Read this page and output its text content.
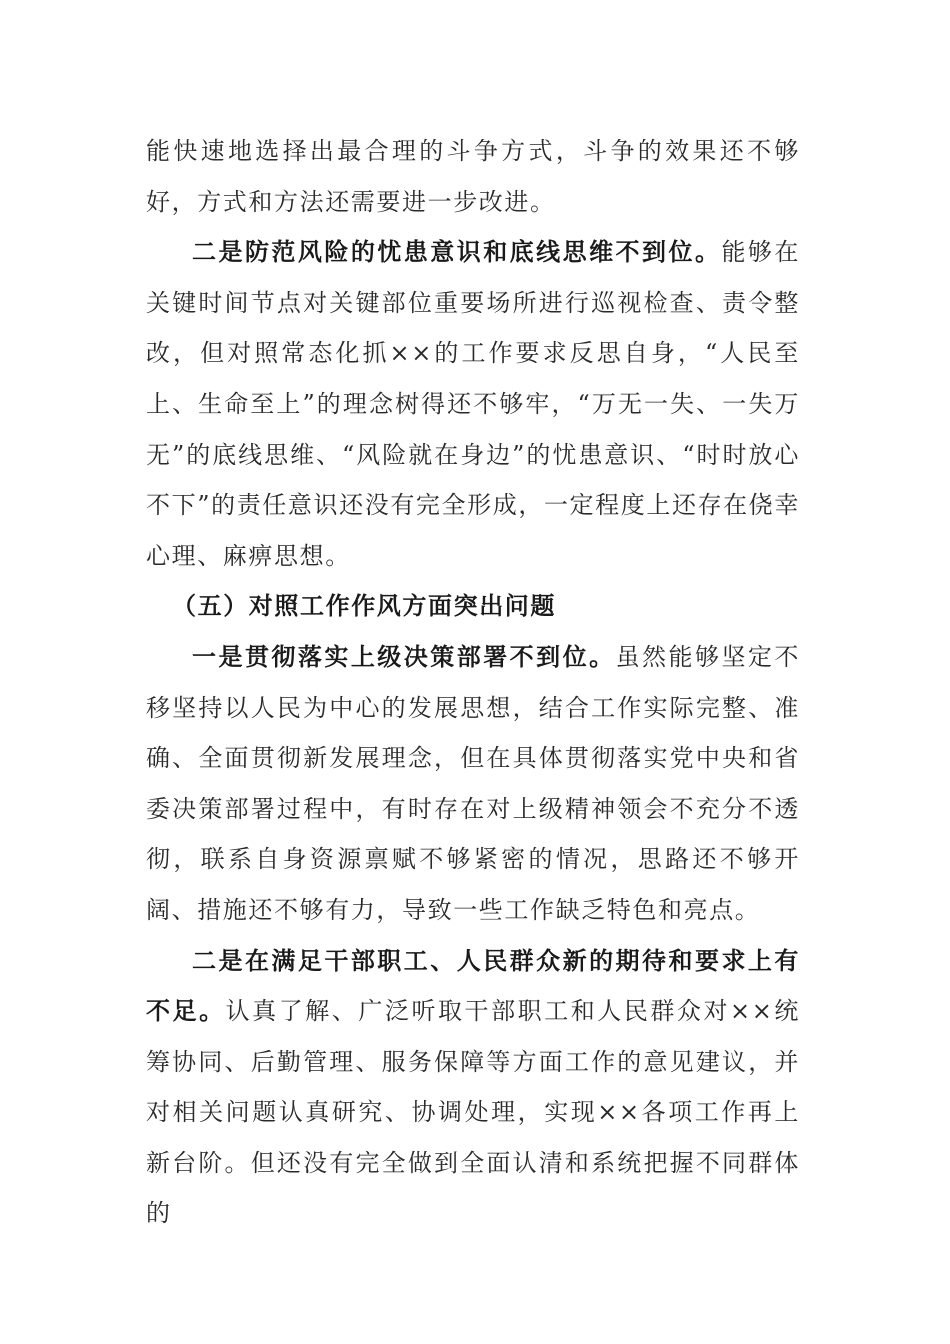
能快速地选择出最合理的斗争方式，斗争的效果还不够好，方式和方法还需要进一步改进。

二是防范风险的忧患意识和底线思维不到位。能够在关键时间节点对关键部位重要场所进行巡视检查、责令整改，但对照常态化抓××的工作要求反思自身，“人民至上、生命至上”的理念树得还不够牢，“万无一失、一失万无”的底线思维、“风险就在身边”的忧患意识、“时时放心不下”的责任意识还没有完全形成，一定程度上还存在侥幸心理、麻痹思想。

（五）对照工作作风方面突出问题

一是贯彻落实上级决策部署不到位。虽然能够坚定不移坚持以人民为中心的发展思想，结合工作实际完整、准确、全面贯彻新发展理念，但在具体贯彻落实党中央和省委决策部署过程中，有时存在对上级精神领会不充分不透彻，联系自身资源禀赋不够紧密的情况，思路还不够开阔、措施还不够有力，导致一些工作缺乏特色和亮点。

二是在满足干部职工、人民群众新的期待和要求上有不足。认真了解、广泛听取干部职工和人民群众对××统筹协同、后勤管理、服务保障等方面工作的意见建议，并对相关问题认真研究、协调处理，实现××各项工作再上新台阶。但还没有完全做到全面认清和系统把握不同群体的
